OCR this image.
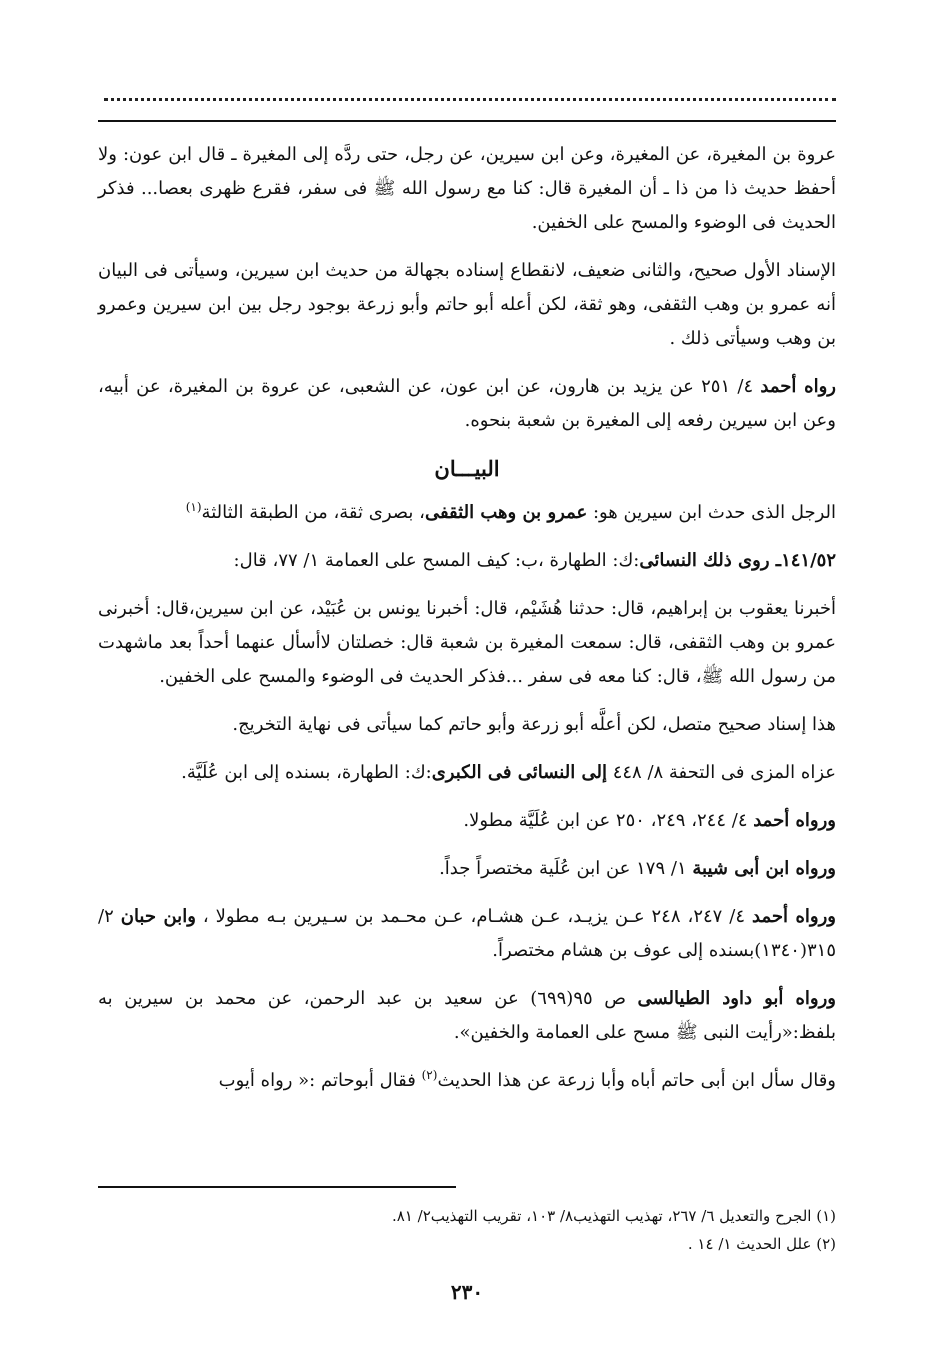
عروة بن المغيرة، عن المغيرة، وعن ابن سيرين، عن رجل، حتى ردَّه إلى المغيرة ـ قال ابن عون: ولا أحفظ حديث ذا من ذا ـ أن المغيرة قال: كنا مع رسول الله ﷺ فى سفر، فقرع ظهرى بعصا... فذكر الحديث فى الوضوء والمسح على الخفين.

الإسناد الأول صحيح، والثانى ضعيف، لانقطاع إسناده بجهالة من حديث ابن سيرين، وسيأتى فى البيان أنه عمرو بن وهب الثقفى، وهو ثقة، لكن أعله أبو حاتم وأبو زرعة بوجود رجل بين ابن سيرين وعمرو بن وهب وسيأتى ذلك .

رواه أحمد ٤/ ٢٥١ عن يزيد بن هارون، عن ابن عون، عن الشعبى، عن عروة بن المغيرة، عن أبيه، وعن ابن سيرين رفعه إلى المغيرة بن شعبة بنحوه.

البيـــان

الرجل الذى حدث ابن سيرين هو: عمرو بن وهب الثقفى، بصرى ثقة، من الطبقة الثالثة$^{(١)}$

١٤١/٥٢ـ روى ذلك النسائى:ك: الطهارة ،ب: كيف المسح على العمامة ١/ ٧٧، قال:

أخبرنا يعقوب بن إبراهيم، قال: حدثنا هُشَيْم، قال: أخبرنا يونس بن عُبَيْد، عن ابن سيرين،قال: أخبرنى عمرو بن وهب الثقفى، قال: سمعت المغيرة بن شعبة قال: خصلتان لاأسأل عنهما أحداً بعد ماشهدت من رسول الله ﷺ، قال: كنا معه فى سفر ...فذكر الحديث فى الوضوء والمسح على الخفين.

هذا إسناد صحيح متصل، لكن أعلَّه أبو زرعة وأبو حاتم كما سيأتى فى نهاية التخريج.

عزاه المزى فى التحفة ٨/ ٤٤٨ إلى النسائى فى الكبرى:ك: الطهارة، بسنده إلى ابن عُلَيَّة.

ورواه أحمد ٤/ ٢٤٤، ٢٤٩، ٢٥٠ عن ابن عُلَيَّة مطولا.

ورواه ابن أبى شيبة ١/ ١٧٩ عن ابن عُلَية مختصراً جداً.

ورواه أحمد ٤/ ٢٤٧، ٢٤٨ عـن يزيـد، عـن هشـام، عـن محـمد بن سـيرين بـه مطولا ، وابن حبان ٢/ ٣١٥(١٣٤٠)بسنده إلى عوف بن هشام مختصراً.

ورواه أبو داود الطيالسى ص ٩٥(٦٩٩) عن سعيد بن عبد الرحمن، عن محمد بن سيرين به بلفظ:«رأيت النبى ﷺ مسح على العمامة والخفين».

وقال سأل ابن أبى حاتم أباه وأبا زرعة عن هذا الحديث$^{(٢)}$ فقال أبوحاتم :« رواه أيوب

(١) الجرح والتعديل ٦/ ٢٦٧، تهذيب التهذيب٨/ ١٠٣، تقريب التهذيب٢/ ٨١.
(٢) علل الحديث ١/ ١٤ .
٢٣٠
